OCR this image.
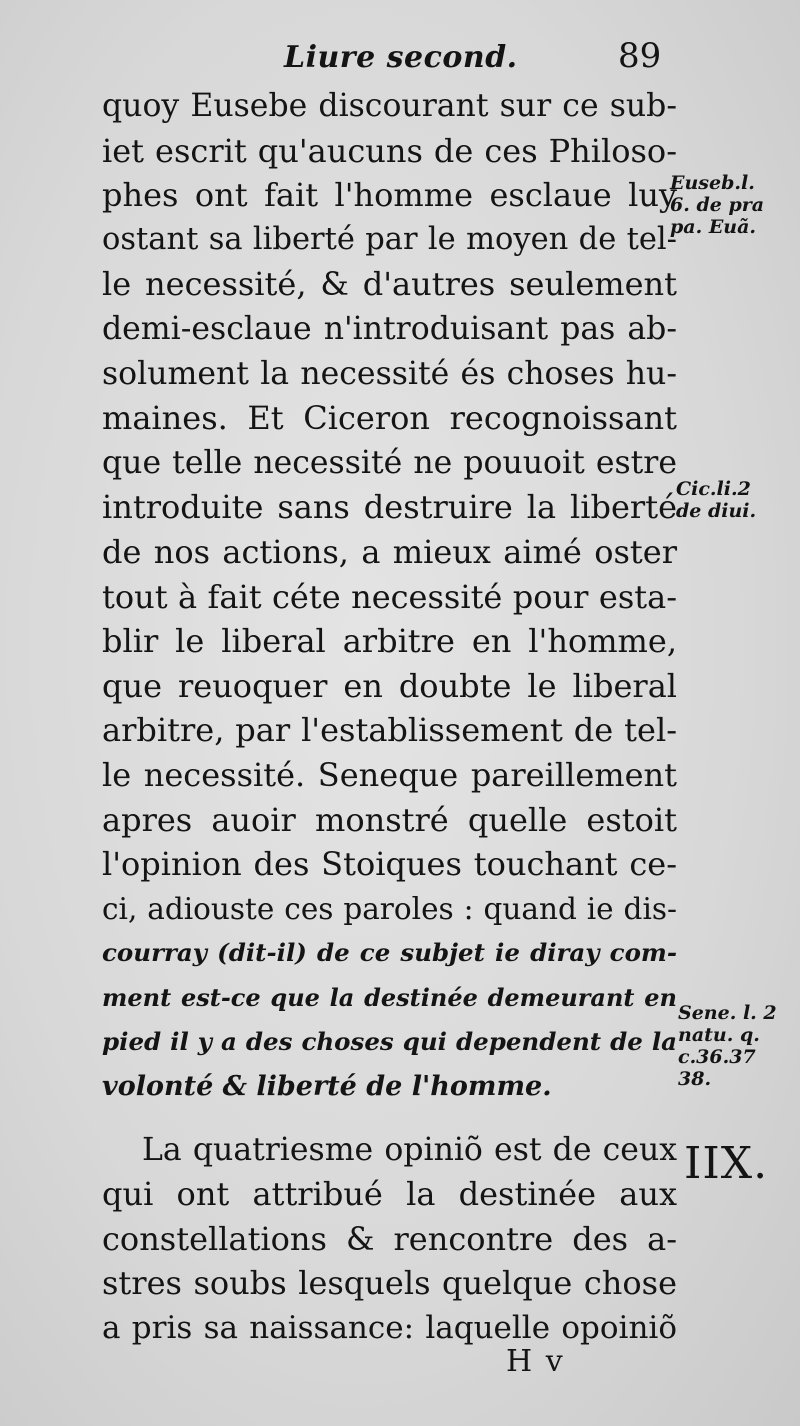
Liure second.	89
quoy Eusebe discourant sur ce sub-
iet escrit qu'aucuns de ces Philoso-
phes ont fait l'homme esclaue luy
ostant sa liberté par le moyen de tel-
le necessité, & d'autres seulement
demi-esclaue n'introduisant pas ab-
solument la necessité és choses hu-
maines. Et Ciceron recognoissant
que telle necessité ne pouuoit estre
introduite sans destruire la liberté
de nos actions, a mieux aimé oster
tout à fait céte necessité pour esta-
blir le liberal arbitre en l'homme,
que reuoquer en doubte le liberal
arbitre, par l'establissement de tel-
le necessité. Seneque pareillement
apres auoir monstré quelle estoit
l'opinion des Stoiques touchant ce-
ci, adiouste ces paroles : quand ie dis-
courray (dit-il) de ce subjet ie diray com-
ment est-ce que la destinée demeurant en
pied il y a des choses qui dependent de la
volonté & liberté de l'homme.
La quatriesme opiniõ est de ceux
qui ont attribué la destinée aux
constellations & rencontre des a-
stres soubs lesquels quelque chose
a pris sa naissance: laquelle opoiniõ
Euseb.l.
6. de pra
pa. Euã.
Cic.li.2
de diui.
Sene. l. 2
natu. q.
c.36.37
38.
IIX.
H v
